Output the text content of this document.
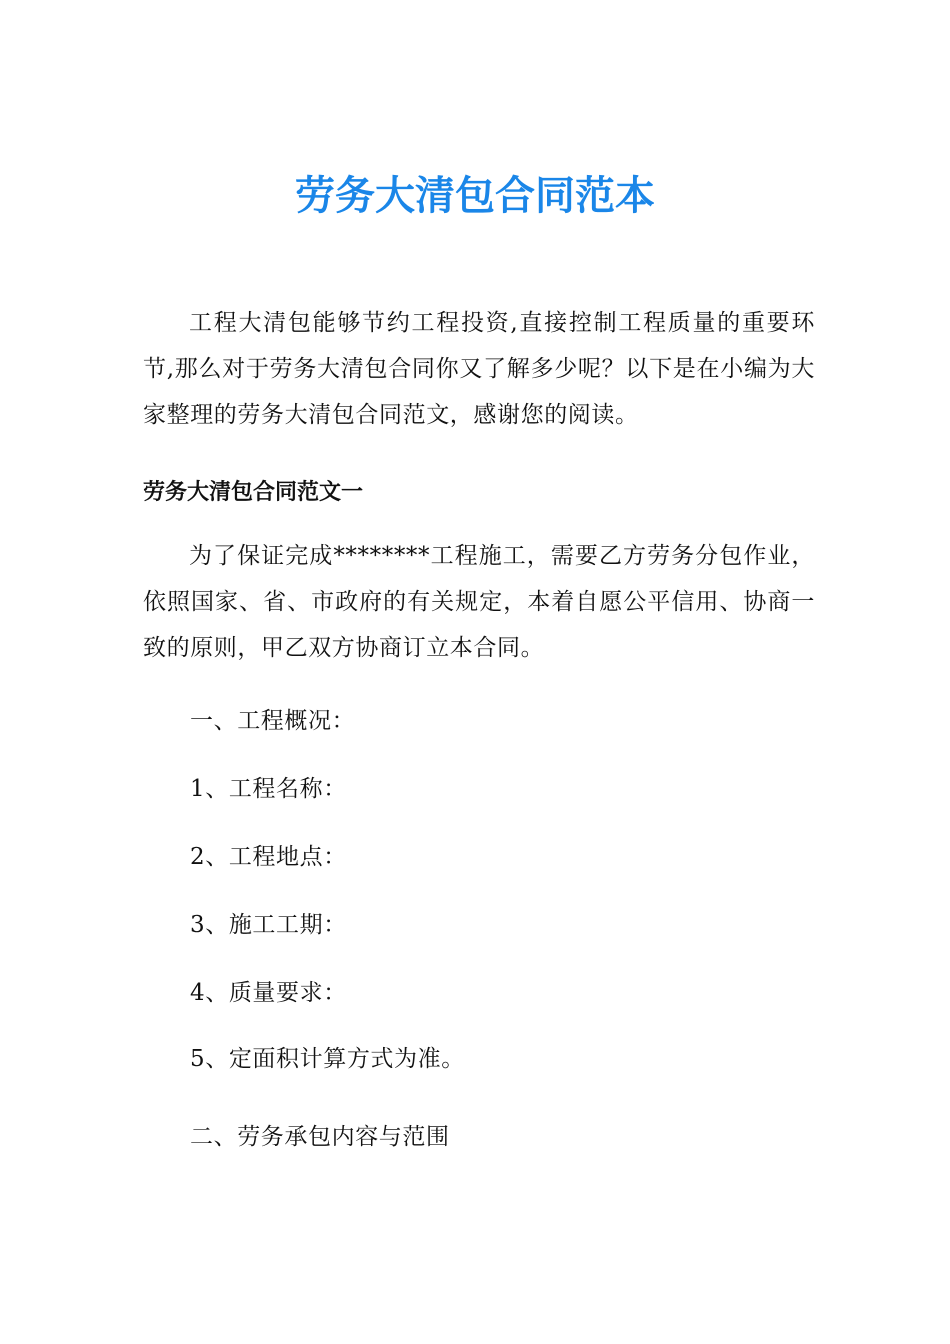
劳务大清包合同范本

工程大清包能够节约工程投资,直接控制工程质量的重要环节,那么对于劳务大清包合同你又了解多少呢？以下是在小编为大家整理的劳务大清包合同范文，感谢您的阅读。

劳务大清包合同范文一

为了保证完成********工程施工，需要乙方劳务分包作业，依照国家、省、市政府的有关规定，本着自愿公平信用、协商一致的原则，甲乙双方协商订立本合同。

一、工程概况：

1、工程名称：

2、工程地点：

3、施工工期：

4、质量要求：

5、定面积计算方式为准。

二、劳务承包内容与范围
